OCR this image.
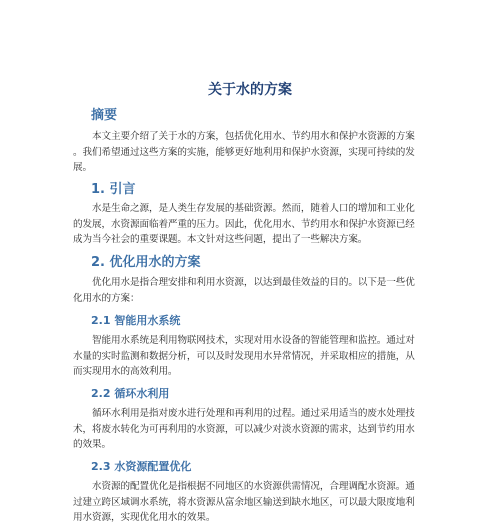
关于水的方案
摘要

本文主要介绍了关于水的方案，包括优化用水、节约用水和保护水资源的方案
。我们希望通过这些方案的实施，能够更好地利用和保护水资源，实现可持续的发
展。

1. 引言

水是生命之源，是人类生存发展的基础资源。然而，随着人口的增加和工业化
的发展，水资源面临着严重的压力。因此，优化用水、节约用水和保护水资源已经
成为当今社会的重要课题。本文针对这些问题，提出了一些解决方案。

2. 优化用水的方案

优化用水是指合理安排和利用水资源，以达到最佳效益的目的。以下是一些优
化用水的方案：

2.1 智能用水系统

智能用水系统是利用物联网技术，实现对用水设备的智能管理和监控。通过对
水量的实时监测和数据分析，可以及时发现用水异常情况，并采取相应的措施，从
而实现用水的高效利用。

2.2 循环水利用

循环水利用是指对废水进行处理和再利用的过程。通过采用适当的废水处理技
术，将废水转化为可再利用的水资源，可以减少对淡水资源的需求，达到节约用水
的效果。

2.3 水资源配置优化

水资源的配置优化是指根据不同地区的水资源供需情况，合理调配水资源。通
过建立跨区域调水系统，将水资源从富余地区输送到缺水地区，可以最大限度地利
用水资源，实现优化用水的效果。
